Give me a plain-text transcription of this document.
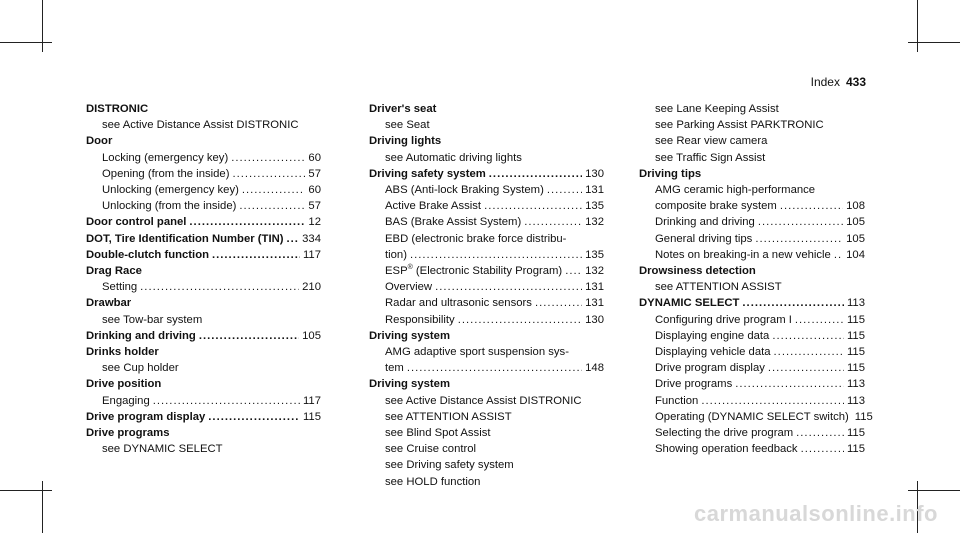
Index 433
DISTRONIC
see Active Distance Assist DISTRONIC
Door
Locking (emergency key) .....	60
Opening (from the inside) .....	57
Unlocking (emergency key) .....	60
Unlocking (from the inside) .....	57
Door control panel .....	12
DOT, Tire Identification Number (TIN) ..... 334
Double-clutch function .....	117
Drag Race
Setting .....	210
Drawbar
see Tow-bar system
Drinking and driving .....	105
Drinks holder
see Cup holder
Drive position
Engaging .....	117
Drive program display .....	115
Drive programs
see DYNAMIC SELECT
Driver's seat
see Seat
Driving lights
see Automatic driving lights
Driving safety system .....	130
ABS (Anti-lock Braking System) .....	131
Active Brake Assist .....	135
BAS (Brake Assist System) .....	132
EBD (electronic brake force distribu-
tion) .....	135
ESP® (Electronic Stability Program) ..... 132
Overview .....	131
Radar and ultrasonic sensors .....	131
Responsibility .....	130
Driving system
AMG adaptive sport suspension sys-
tem .....	148
Driving system
see Active Distance Assist DISTRONIC
see ATTENTION ASSIST
see Blind Spot Assist
see Cruise control
see Driving safety system
see HOLD function
see Lane Keeping Assist
see Parking Assist PARKTRONIC
see Rear view camera
see Traffic Sign Assist
Driving tips
AMG ceramic high-performance
composite brake system .....	108
Drinking and driving .....	105
General driving tips .....	105
Notes on breaking-in a new vehicle ..... 104
Drowsiness detection
see ATTENTION ASSIST
DYNAMIC SELECT .....	113
Configuring drive program I .....	115
Displaying engine data .....	115
Displaying vehicle data .....	115
Drive program display .....	115
Drive programs .....	113
Function .....	113
Operating (DYNAMIC SELECT switch) 115
Selecting the drive program .....	115
Showing operation feedback .....	115
carmanualsonline.info
